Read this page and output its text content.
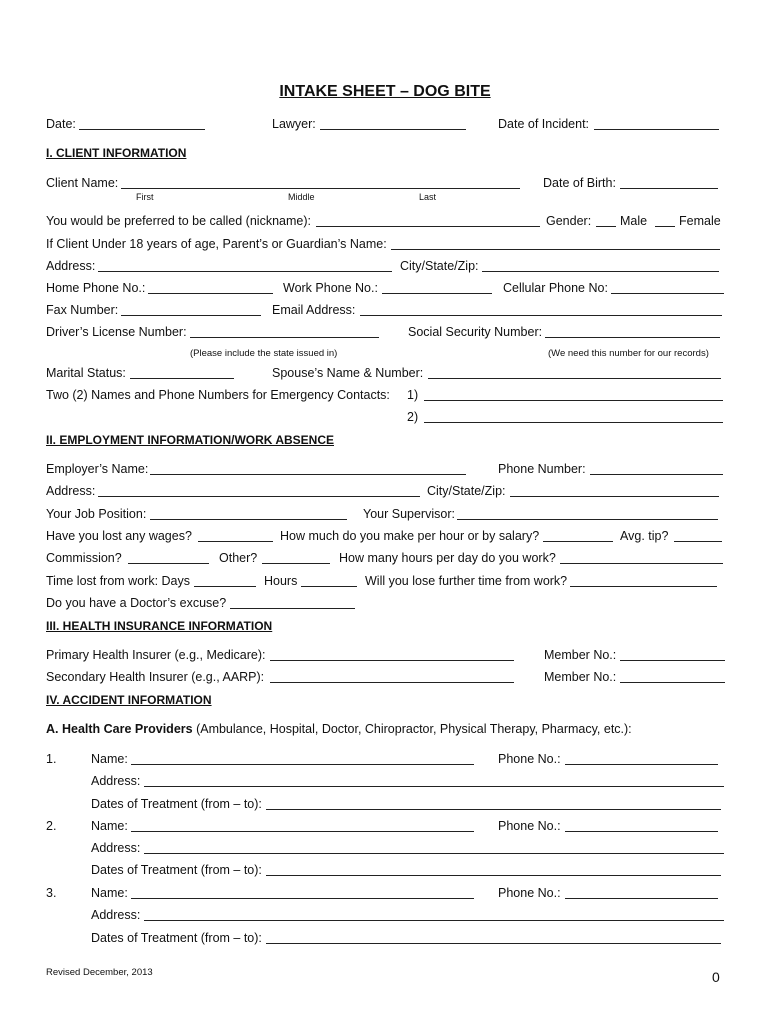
INTAKE SHEET – DOG BITE
Date:	Lawyer:	Date of Incident:
I. CLIENT INFORMATION
Client Name:
First	Middle	Last
Date of Birth:
You would be preferred to be called (nickname):	Gender: Male	Female
If Client Under 18 years of age, Parent’s or Guardian’s Name:
Address:	City/State/Zip:
Home Phone No.:	Work Phone No.:	Cellular Phone No:
Fax Number:	Email Address:
Driver’s License Number:	Social Security Number:
(Please include the state issued in)	(We need this number for our records)
Marital Status:	Spouse’s Name & Number:
Two (2) Names and Phone Numbers for Emergency Contacts: 1)
2)
II. EMPLOYMENT INFORMATION/WORK ABSENCE
Employer’s Name:	Phone Number:
Address:	City/State/Zip:
Your Job Position:	Your Supervisor:
Have you lost any wages?	How much do you make per hour or by salary?	Avg. tip?
Commission?	Other?	How many hours per day do you work?
Time lost from work: Days	Hours	Will you lose further time from work?
Do you have a Doctor’s excuse?
III. HEALTH INSURANCE INFORMATION
Primary Health Insurer (e.g., Medicare):	Member No.:
Secondary Health Insurer (e.g., AARP):	Member No.:
IV. ACCIDENT INFORMATION
A. Health Care Providers (Ambulance, Hospital, Doctor, Chiropractor, Physical Therapy, Pharmacy, etc.):
1.	Name:	Phone No.:
Address:
Dates of Treatment (from – to):
2.	Name:	Phone No.:
Address:
Dates of Treatment (from – to):
3.	Name:	Phone No.:
Address:
Dates of Treatment (from – to):
Revised December, 2013	0
